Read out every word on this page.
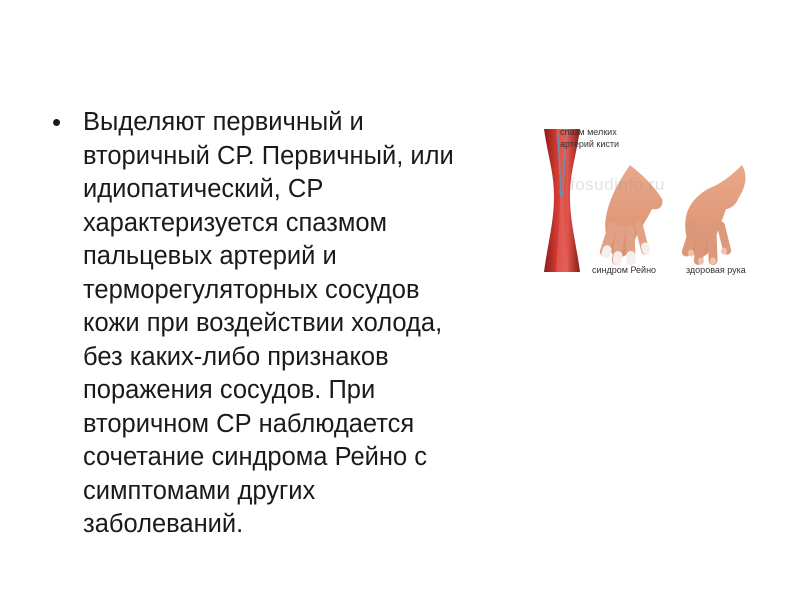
• Выделяют первичный и
вторичный СР. Первичный, или
идиопатический, СР
характеризуется спазмом
пальцевых артерий и
терморегуляторных сосудов
кожи при воздействии холода,
без каких-либо признаков
поражения сосудов. При
вторичном СР наблюдается
сочетание синдрома Рейно с
симптомами других
заболеваний.
спазм мелких
артерий кисти
fosudinfo.ru
синдром Рейно	здоровая рука
